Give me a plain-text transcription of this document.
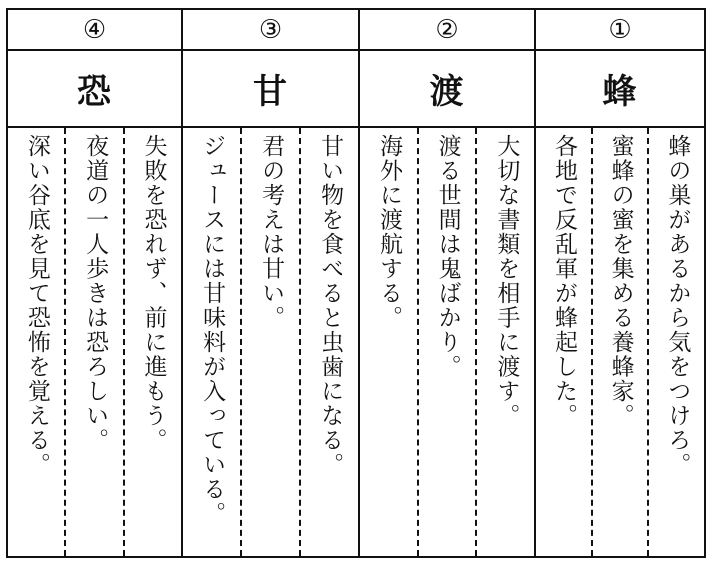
④
恐
深い谷底を見て恐怖を覚える。 夜道の一人歩きは恐ろしい。 失敗を恐れず、前に進もう。
③
甘
ジュースには甘味料が入っている。 君の考えは甘い。 甘い物を食べると虫歯になる。
②
渡
海外に渡航する。 渡る世間は鬼ばかり。 大切な書類を相手に渡す。
①
蜂
各地で反乱軍が蜂起した。 蜜蜂の蜜を集める養蜂家。 蜂の巣があるから気をつけろ。
